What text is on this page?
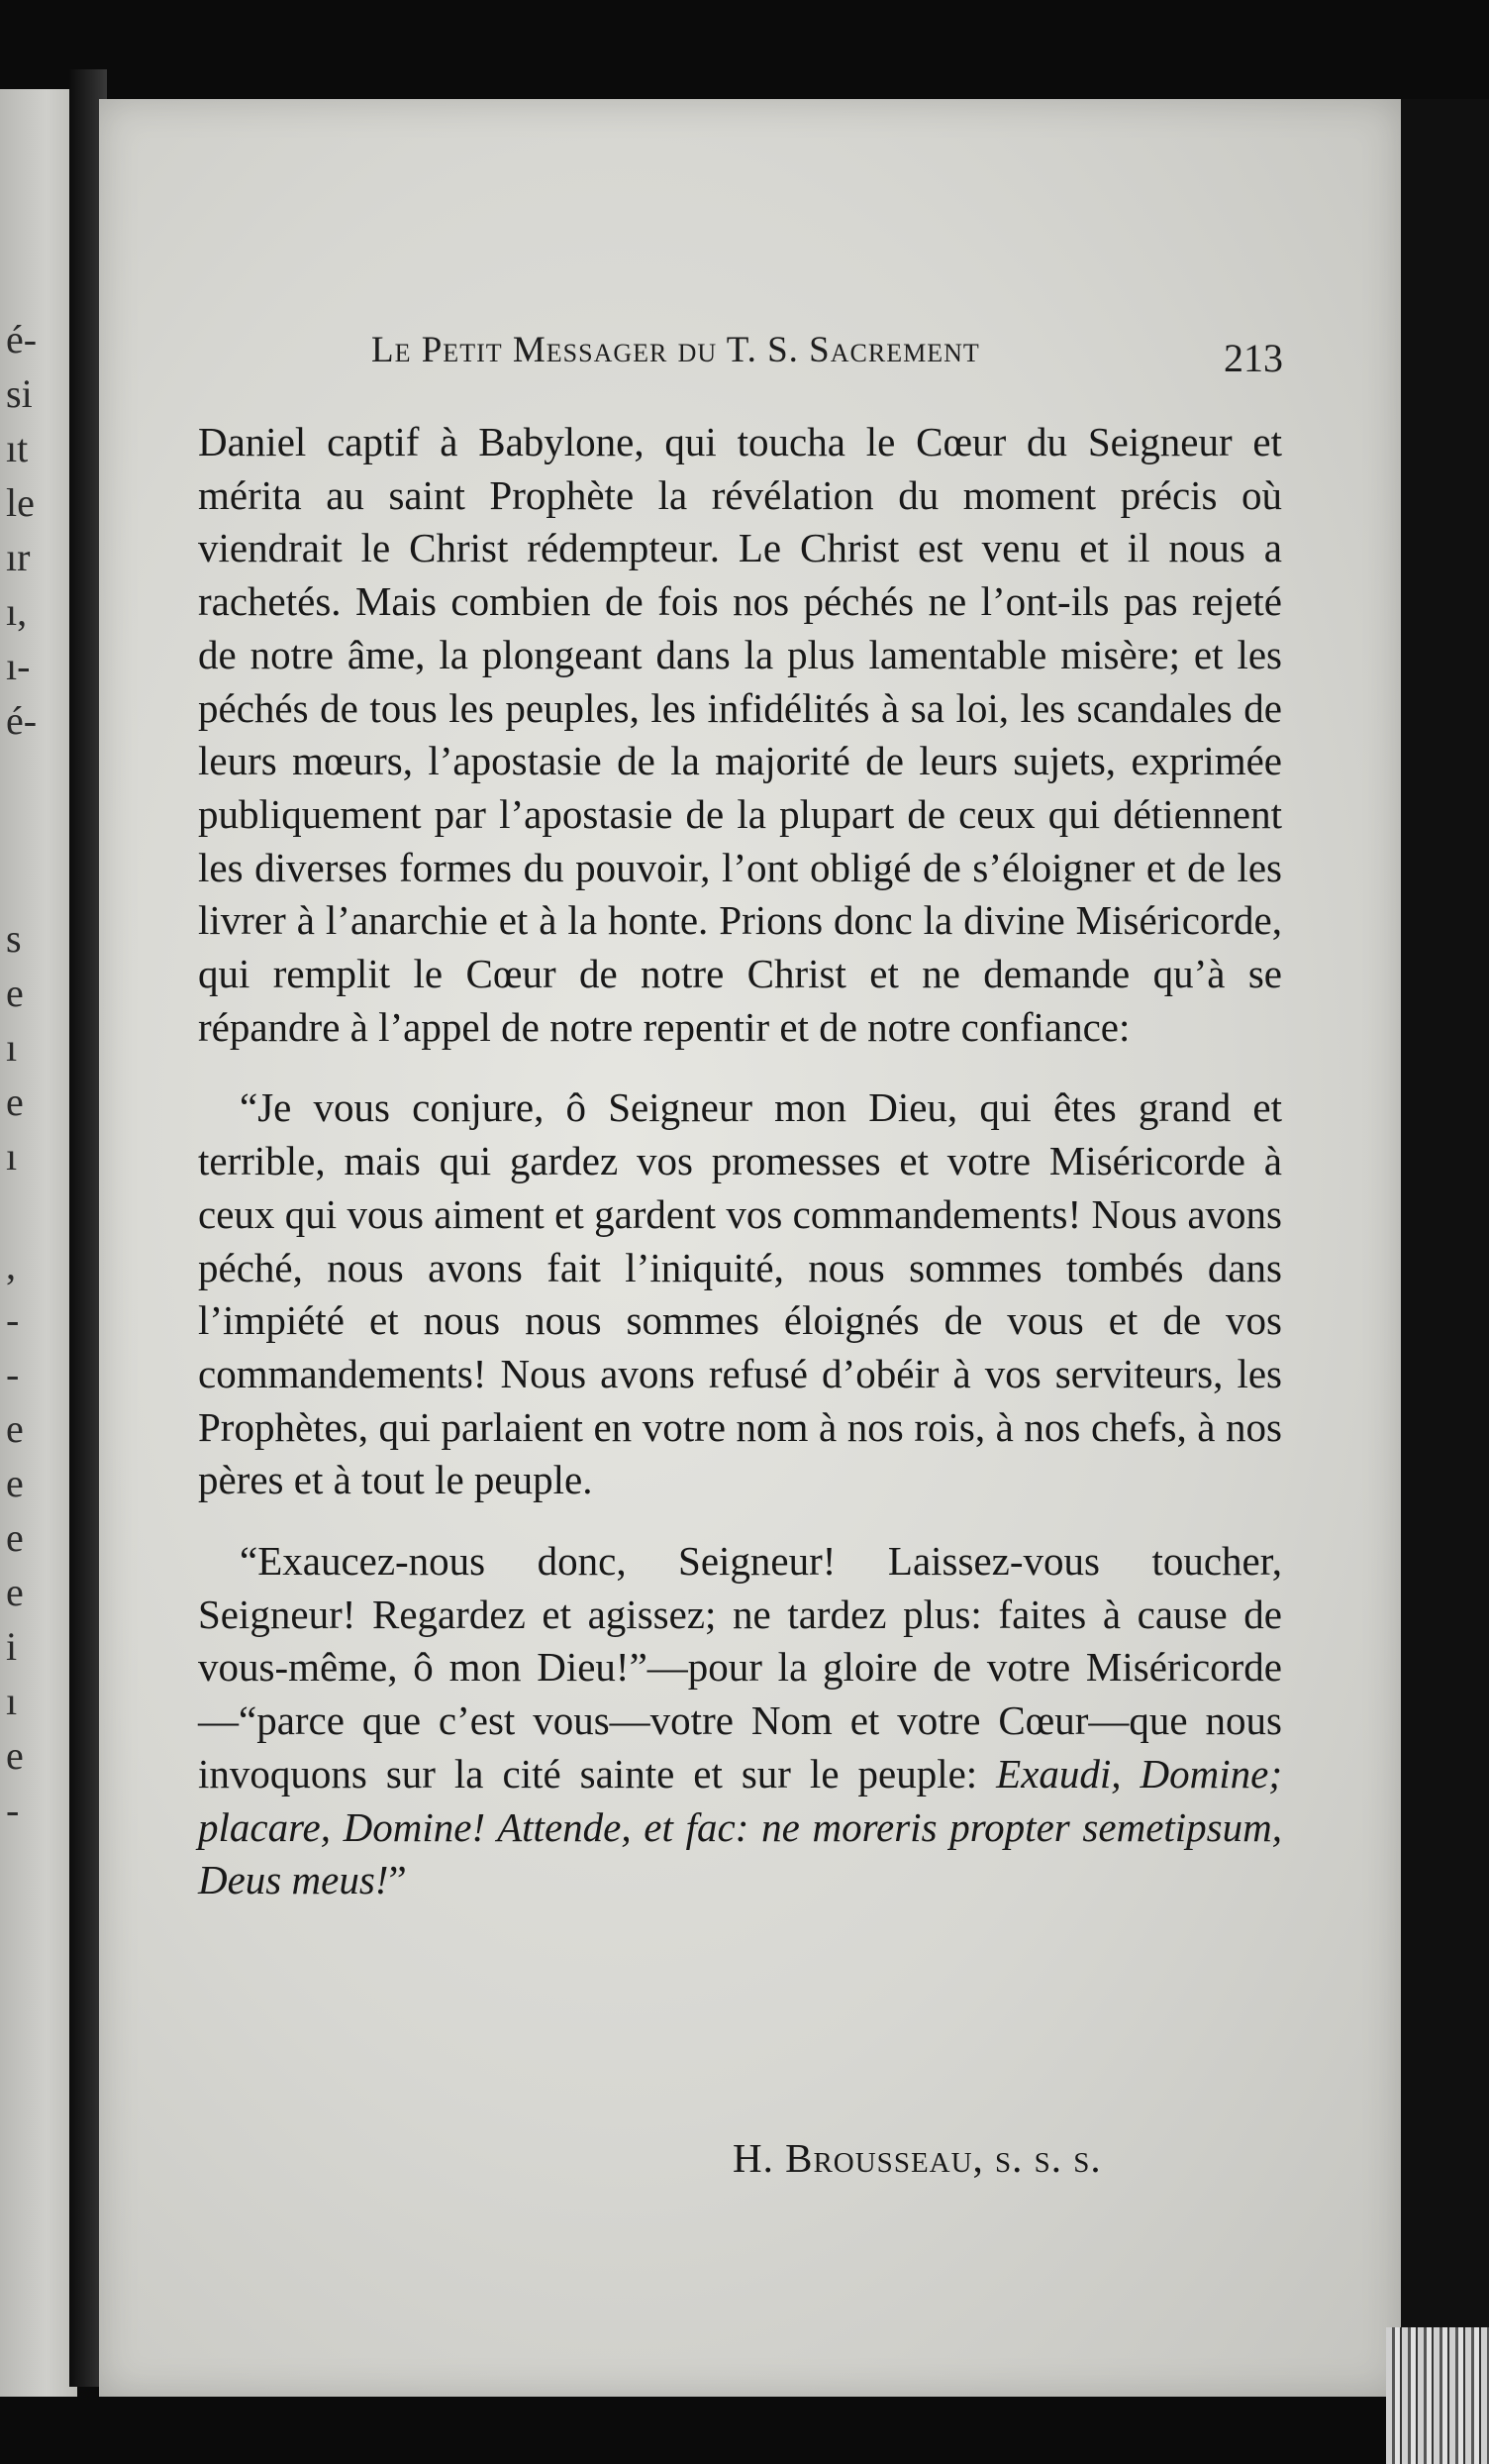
é-
si
ıt
le
ır
ı,
ı-
é-
s
e
ı
e
ı
,
-
-
e
e
e
e
i
ı
e
-
Le Petit Messager du T. S. Sacrement	213

Daniel captif à Babylone, qui toucha le Cœur du Seigneur et mérita au saint Prophète la révélation du moment précis où viendrait le Christ rédempteur. Le Christ est venu et il nous a rachetés. Mais combien de fois nos péchés ne l’ont-ils pas rejeté de notre âme, la plongeant dans la plus lamentable misère; et les péchés de tous les peuples, les infidélités à sa loi, les scandales de leurs mœurs, l’apostasie de la majorité de leurs sujets, exprimée publiquement par l’apostasie de la plupart de ceux qui détiennent les diverses formes du pouvoir, l’ont obligé de s’éloigner et de les livrer à l’anarchie et à la honte. Prions donc la divine Miséricorde, qui remplit le Cœur de notre Christ et ne demande qu’à se répandre à l’appel de notre repentir et de notre confiance:

“Je vous conjure, ô Seigneur mon Dieu, qui êtes grand et terrible, mais qui gardez vos promesses et votre Miséricorde à ceux qui vous aiment et gardent vos commandements! Nous avons péché, nous avons fait l’iniquité, nous sommes tombés dans l’impiété et nous nous sommes éloignés de vous et de vos commandements! Nous avons refusé d’obéir à vos serviteurs, les Prophètes, qui parlaient en votre nom à nos rois, à nos chefs, à nos pères et à tout le peuple.

“Exaucez-nous donc, Seigneur! Laissez-vous toucher, Seigneur! Regardez et agissez; ne tardez plus: faites à cause de vous-même, ô mon Dieu!”—pour la gloire de votre Miséricorde—“parce que c’est vous—votre Nom et votre Cœur—que nous invoquons sur la cité sainte et sur le peuple: Exaudi, Domine; placare, Domine! Attende, et fac: ne moreris propter semetipsum, Deus meus!”

H. Brousseau, s. s. s.
